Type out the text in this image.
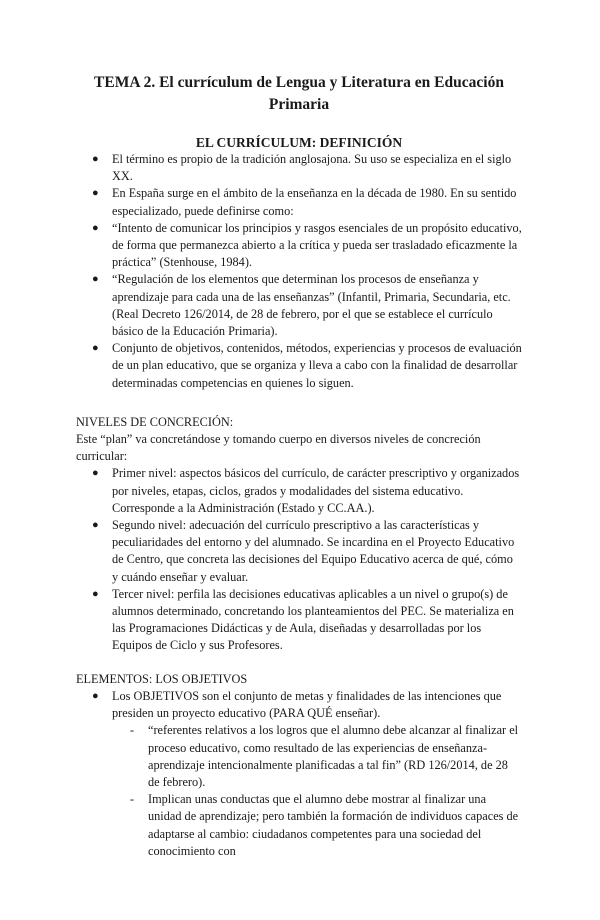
TEMA 2. El currículum de Lengua y Literatura en Educación Primaria
EL CURRÍCULUM: DEFINICIÓN
● El término es propio de la tradición anglosajona. Su uso se especializa en el siglo XX.
● En España surge en el ámbito de la enseñanza en la década de 1980. En su sentido especializado, puede definirse como:
● “Intento de comunicar los principios y rasgos esenciales de un propósito educativo, de forma que permanezca abierto a la crítica y pueda ser trasladado eficazmente la práctica” (Stenhouse, 1984).
● “Regulación de los elementos que determinan los procesos de enseñanza y aprendizaje para cada una de las enseñanzas” (Infantil, Primaria, Secundaria, etc. (Real Decreto 126/2014, de 28 de febrero, por el que se establece el currículo básico de la Educación Primaria).
● Conjunto de objetivos, contenidos, métodos, experiencias y procesos de evaluación de un plan educativo, que se organiza y lleva a cabo con la finalidad de desarrollar determinadas competencias en quienes lo siguen.

NIVELES DE CONCRECIÓN:

Este “plan” va concretándose y tomando cuerpo en diversos niveles de concreción curricular:

● Primer nivel: aspectos básicos del currículo, de carácter prescriptivo y organizados por niveles, etapas, ciclos, grados y modalidades del sistema educativo. Corresponde a la Administración (Estado y CC.AA.).
● Segundo nivel: adecuación del currículo prescriptivo a las características y peculiaridades del entorno y del alumnado. Se incardina en el Proyecto Educativo de Centro, que concreta las decisiones del Equipo Educativo acerca de qué, cómo y cuándo enseñar y evaluar.
● Tercer nivel: perfila las decisiones educativas aplicables a un nivel o grupo(s) de alumnos determinado, concretando los planteamientos del PEC. Se materializa en las Programaciones Didácticas y de Aula, diseñadas y desarrolladas por los Equipos de Ciclo y sus Profesores.

ELEMENTOS: LOS OBJETIVOS

● Los OBJETIVOS son el conjunto de metas y finalidades de las intenciones que presiden un proyecto educativo (PARA QUÉ enseñar).
- “referentes relativos a los logros que el alumno debe alcanzar al finalizar el proceso educativo, como resultado de las experiencias de enseñanza-aprendizaje intencionalmente planificadas a tal fin” (RD 126/2014, de 28 de febrero).
- Implican unas conductas que el alumno debe mostrar al finalizar una unidad de aprendizaje; pero también la formación de individuos capaces de adaptarse al cambio: ciudadanos competentes para una sociedad del conocimiento con
